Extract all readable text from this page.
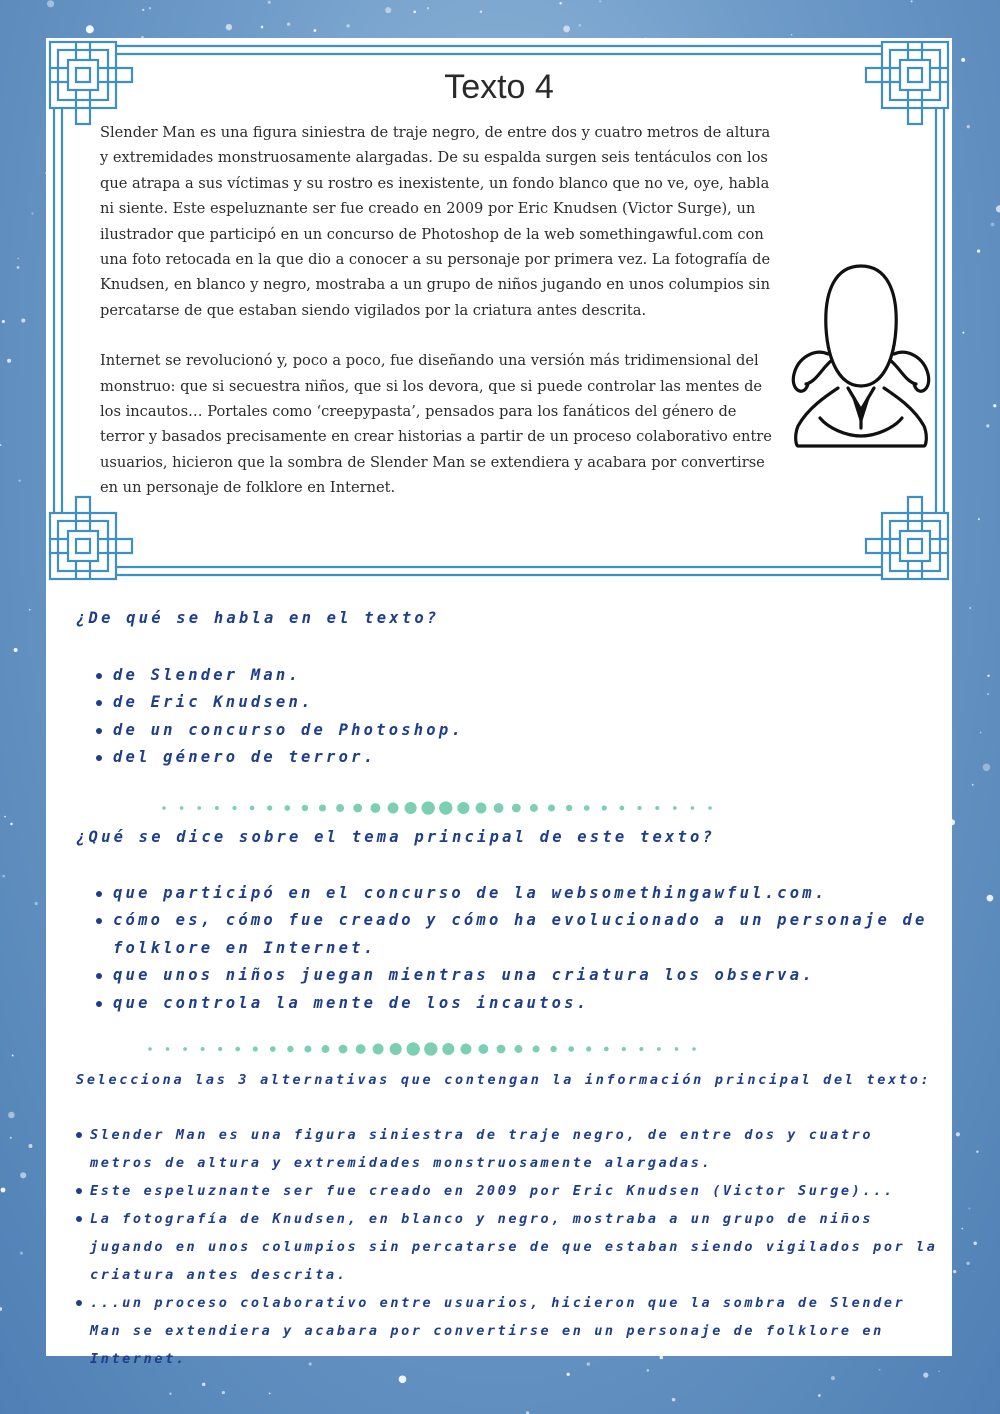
Texto 4

Slender Man es una figura siniestra de traje negro, de entre dos y cuatro metros de altura y extremidades monstruosamente alargadas. De su espalda surgen seis tentáculos con los que atrapa a sus víctimas y su rostro es inexistente, un fondo blanco que no ve, oye, habla ni siente. Este espeluznante ser fue creado en 2009 por Eric Knudsen (Victor Surge), un ilustrador que participó en un concurso de Photoshop de la web somethingawful.com con una foto retocada en la que dio a conocer a su personaje por primera vez. La fotografía de Knudsen, en blanco y negro, mostraba a un grupo de niños jugando en unos columpios sin percatarse de que estaban siendo vigilados por la criatura antes descrita.

Internet se revolucionó y, poco a poco, fue diseñando una versión más tridimensional del monstruo: que si secuestra niños, que si los devora, que si puede controlar las mentes de los incautos… Portales como ‘creepypasta’, pensados para los fanáticos del género de terror y basados precisamente en crear historias a partir de un proceso colaborativo entre usuarios, hicieron que la sombra de Slender Man se extendiera y acabara por convertirse en un personaje de folklore en Internet.

¿De qué se habla en el texto?
de Slender Man.
de Eric Knudsen.
de un concurso de Photoshop.
del género de terror.
¿Qué se dice sobre el tema principal de este texto?
que participó en el concurso de la websomethingawful.com.
cómo es, cómo fue creado y cómo ha evolucionado a un personaje de folklore en Internet.
que unos niños juegan mientras una criatura los observa.
que controla la mente de los incautos.
Selecciona las 3 alternativas que contengan la información principal del texto:
Slender Man es una figura siniestra de traje negro, de entre dos y cuatro metros de altura y extremidades monstruosamente alargadas.
Este espeluznante ser fue creado en 2009 por Eric Knudsen (Victor Surge)...
La fotografía de Knudsen, en blanco y negro, mostraba a un grupo de niños jugando en unos columpios sin percatarse de que estaban siendo vigilados por la criatura antes descrita.
...un proceso colaborativo entre usuarios, hicieron que la sombra de Slender Man se extendiera y acabara por convertirse en un personaje de folklore en Internet.
